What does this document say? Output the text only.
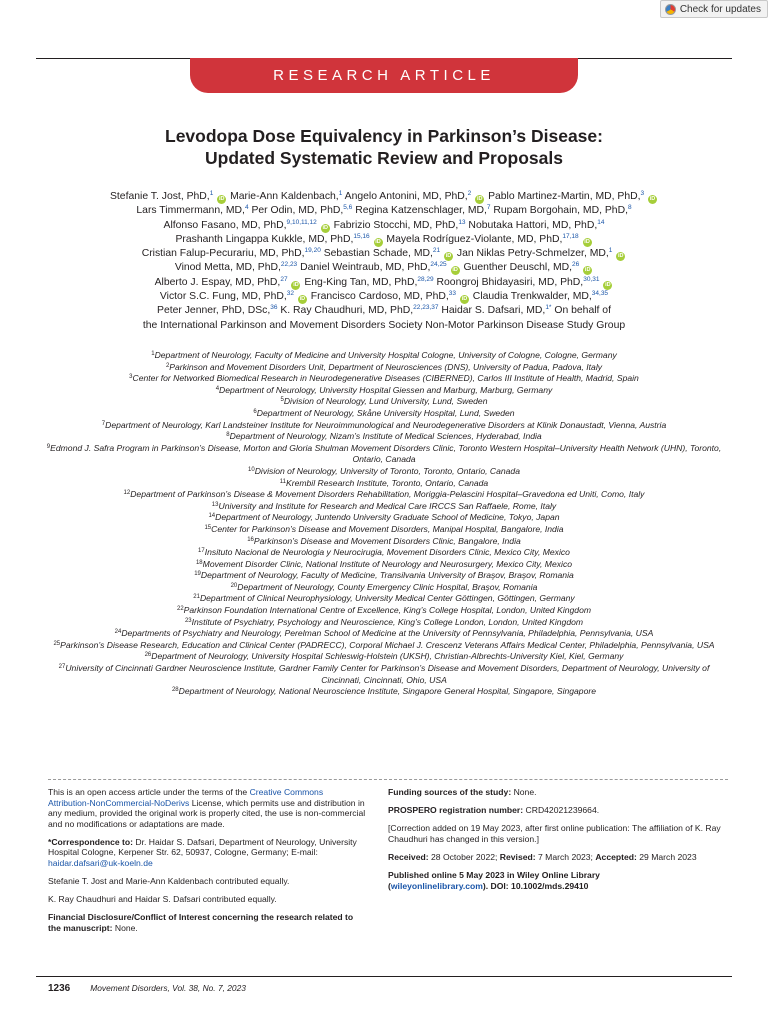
Check for updates
RESEARCH ARTICLE
Levodopa Dose Equivalency in Parkinson’s Disease:
Updated Systematic Review and Proposals
Stefanie T. Jost, PhD,$^1$ iD Marie-Ann Kaldenbach,$^1$ Angelo Antonini, MD, PhD,$^2$ iD Pablo Martinez-Martin, MD, PhD,$^3$ iD
Lars Timmermann, MD,$^4$ Per Odin, MD, PhD,$^{5,6}$ Regina Katzenschlager, MD,$^7$ Rupam Borgohain, MD, PhD,$^8$
Alfonso Fasano, MD, PhD,$^{9,10,11,12}$ iD Fabrizio Stocchi, MD, PhD,$^{13}$ Nobutaka Hattori, MD, PhD,$^{14}$
Prashanth Lingappa Kukkle, MD, PhD,$^{15,16}$ iD Mayela Rodríguez-Violante, MD, PhD,$^{17,18}$ iD
Cristian Falup-Pecurariu, MD, PhD,$^{19,20}$ Sebastian Schade, MD,$^{21}$ iD Jan Niklas Petry-Schmelzer, MD,$^1$ iD
Vinod Metta, MD, PhD,$^{22,23}$ Daniel Weintraub, MD, PhD,$^{24,25}$ iD Guenther Deuschl, MD,$^{26}$ iD
Alberto J. Espay, MD, PhD,$^{27}$ iD Eng-King Tan, MD, PhD,$^{28,29}$ Roongroj Bhidayasiri, MD, PhD,$^{30,31}$ iD
Victor S.C. Fung, MD, PhD,$^{32}$ iD Francisco Cardoso, MD, PhD,$^{33}$ iD Claudia Trenkwalder, MD,$^{34,35}$
Peter Jenner, PhD, DSc,$^{36}$ K. Ray Chaudhuri, MD, PhD,$^{22,23,37}$ Haidar S. Dafsari, MD,$^{1*}$ On behalf of
the International Parkinson and Movement Disorders Society Non-Motor Parkinson Disease Study Group
$^1$Department of Neurology, Faculty of Medicine and University Hospital Cologne, University of Cologne, Cologne, Germany
$^2$Parkinson and Movement Disorders Unit, Department of Neurosciences (DNS), University of Padua, Padova, Italy
$^3$Center for Networked Biomedical Research in Neurodegenerative Diseases (CIBERNED), Carlos III Institute of Health, Madrid, Spain
$^4$Department of Neurology, University Hospital Giessen and Marburg, Marburg, Germany
$^5$Division of Neurology, Lund University, Lund, Sweden
$^6$Department of Neurology, Skåne University Hospital, Lund, Sweden
$^7$Department of Neurology, Karl Landsteiner Institute for Neuroimmunological and Neurodegenerative Disorders at Klinik Donaustadt, Vienna, Austria
$^8$Department of Neurology, Nizam’s Institute of Medical Sciences, Hyderabad, India
$^9$Edmond J. Safra Program in Parkinson’s Disease, Morton and Gloria Shulman Movement Disorders Clinic, Toronto Western Hospital–University Health Network (UHN), Toronto, Ontario, Canada
$^{10}$Division of Neurology, University of Toronto, Toronto, Ontario, Canada
$^{11}$Krembil Research Institute, Toronto, Ontario, Canada
$^{12}$Department of Parkinson’s Disease & Movement Disorders Rehabilitation, Moriggia-Pelascini Hospital–Gravedona ed Uniti, Como, Italy
$^{13}$University and Institute for Research and Medical Care IRCCS San Raffaele, Rome, Italy
$^{14}$Department of Neurology, Juntendo University Graduate School of Medicine, Tokyo, Japan
$^{15}$Center for Parkinson’s Disease and Movement Disorders, Manipal Hospital, Bangalore, India
$^{16}$Parkinson’s Disease and Movement Disorders Clinic, Bangalore, India
$^{17}$Insituto Nacional de Neurologia y Neurocirugia, Movement Disorders Clinic, Mexico City, Mexico
$^{18}$Movement Disorder Clinic, National Institute of Neurology and Neurosurgery, Mexico City, Mexico
$^{19}$Department of Neurology, Faculty of Medicine, Transilvania University of Braşov, Braşov, Romania
$^{20}$Department of Neurology, County Emergency Clinic Hospital, Braşov, Romania
$^{21}$Department of Clinical Neurophysiology, University Medical Center Göttingen, Göttingen, Germany
$^{22}$Parkinson Foundation International Centre of Excellence, King’s College Hospital, London, United Kingdom
$^{23}$Institute of Psychiatry, Psychology and Neuroscience, King’s College London, London, United Kingdom
$^{24}$Departments of Psychiatry and Neurology, Perelman School of Medicine at the University of Pennsylvania, Philadelphia, Pennsylvania, USA
$^{25}$Parkinson’s Disease Research, Education and Clinical Center (PADRECC), Corporal Michael J. Crescenz Veterans Affairs Medical Center, Philadelphia, Pennsylvania, USA
$^{26}$Department of Neurology, University Hospital Schleswig-Holstein (UKSH), Christian-Albrechts-University Kiel, Kiel, Germany
$^{27}$University of Cincinnati Gardner Neuroscience Institute, Gardner Family Center for Parkinson’s Disease and Movement Disorders, Department of Neurology, University of Cincinnati, Cincinnati, Ohio, USA
$^{28}$Department of Neurology, National Neuroscience Institute, Singapore General Hospital, Singapore, Singapore

This is an open access article under the terms of the Creative Commons Attribution-NonCommercial-NoDerivs License, which permits use and distribution in any medium, provided the original work is properly cited, the use is non-commercial and no modifications or adaptations are made.

*Correspondence to: Dr. Haidar S. Dafsari, Department of Neurology, University Hospital Cologne, Kerpener Str. 62, 50937, Cologne, Germany; E-mail: haidar.dafsari@uk-koeln.de

Stefanie T. Jost and Marie-Ann Kaldenbach contributed equally.

K. Ray Chaudhuri and Haidar S. Dafsari contributed equally.

Financial Disclosure/Conflict of Interest concerning the research related to the manuscript: None.

Funding sources of the study: None.

PROSPERO registration number: CRD42021239664.

[Correction added on 19 May 2023, after first online publication: The affiliation of K. Ray Chaudhuri has changed in this version.]

Received: 28 October 2022; Revised: 7 March 2023; Accepted: 29 March 2023

Published online 5 May 2023 in Wiley Online Library
(wileyonlinelibrary.com). DOI: 10.1002/mds.29410

1236 Movement Disorders, Vol. 38, No. 7, 2023
